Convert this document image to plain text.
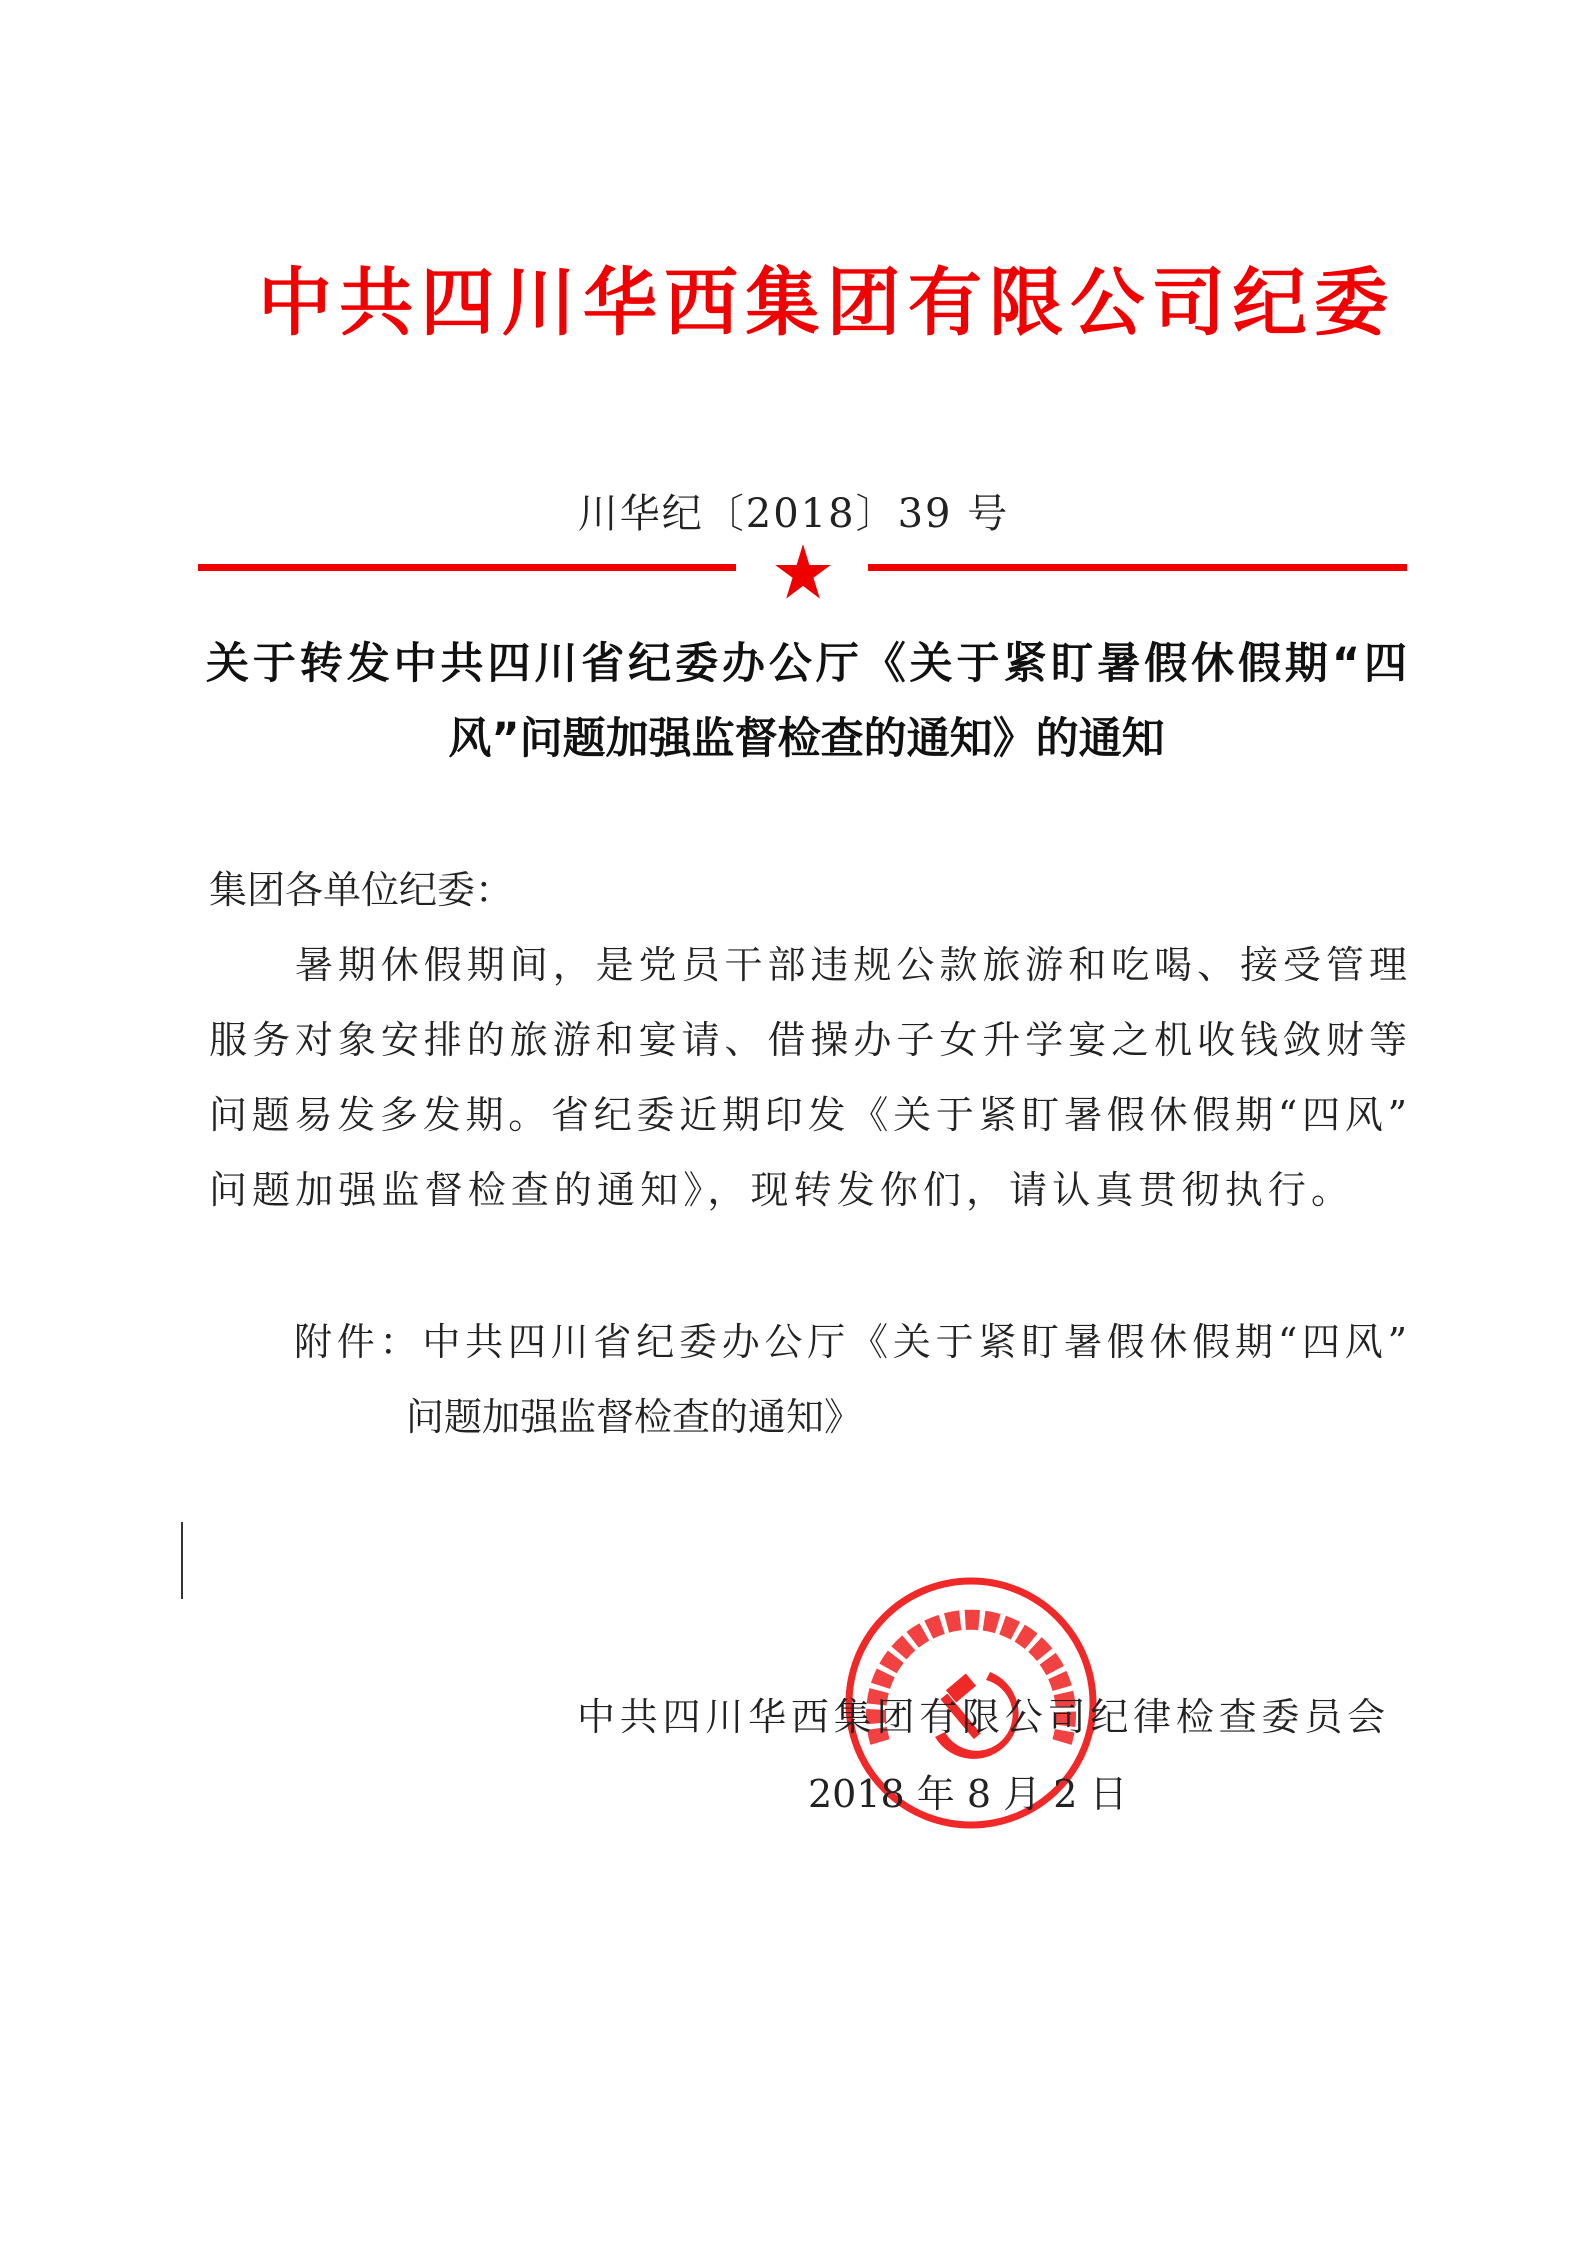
中共四川华西集团有限公司纪委
川华纪〔2018〕39 号
关于转发中共四川省纪委办公厅《关于紧盯暑假休假期“四
风”问题加强监督检查的通知》的通知
集团各单位纪委：
　　暑期休假期间，是党员干部违规公款旅游和吃喝、接受管理
服务对象安排的旅游和宴请、借操办子女升学宴之机收钱敛财等
问题易发多发期。省纪委近期印发《关于紧盯暑假休假期“四风”
问题加强监督检查的通知》，现转发你们，请认真贯彻执行。
附件：中共四川省纪委办公厅《关于紧盯暑假休假期“四风”
问题加强监督检查的通知》
中共四川华西集团有限公司纪律检查委员会
2018 年 8 月 2 日
